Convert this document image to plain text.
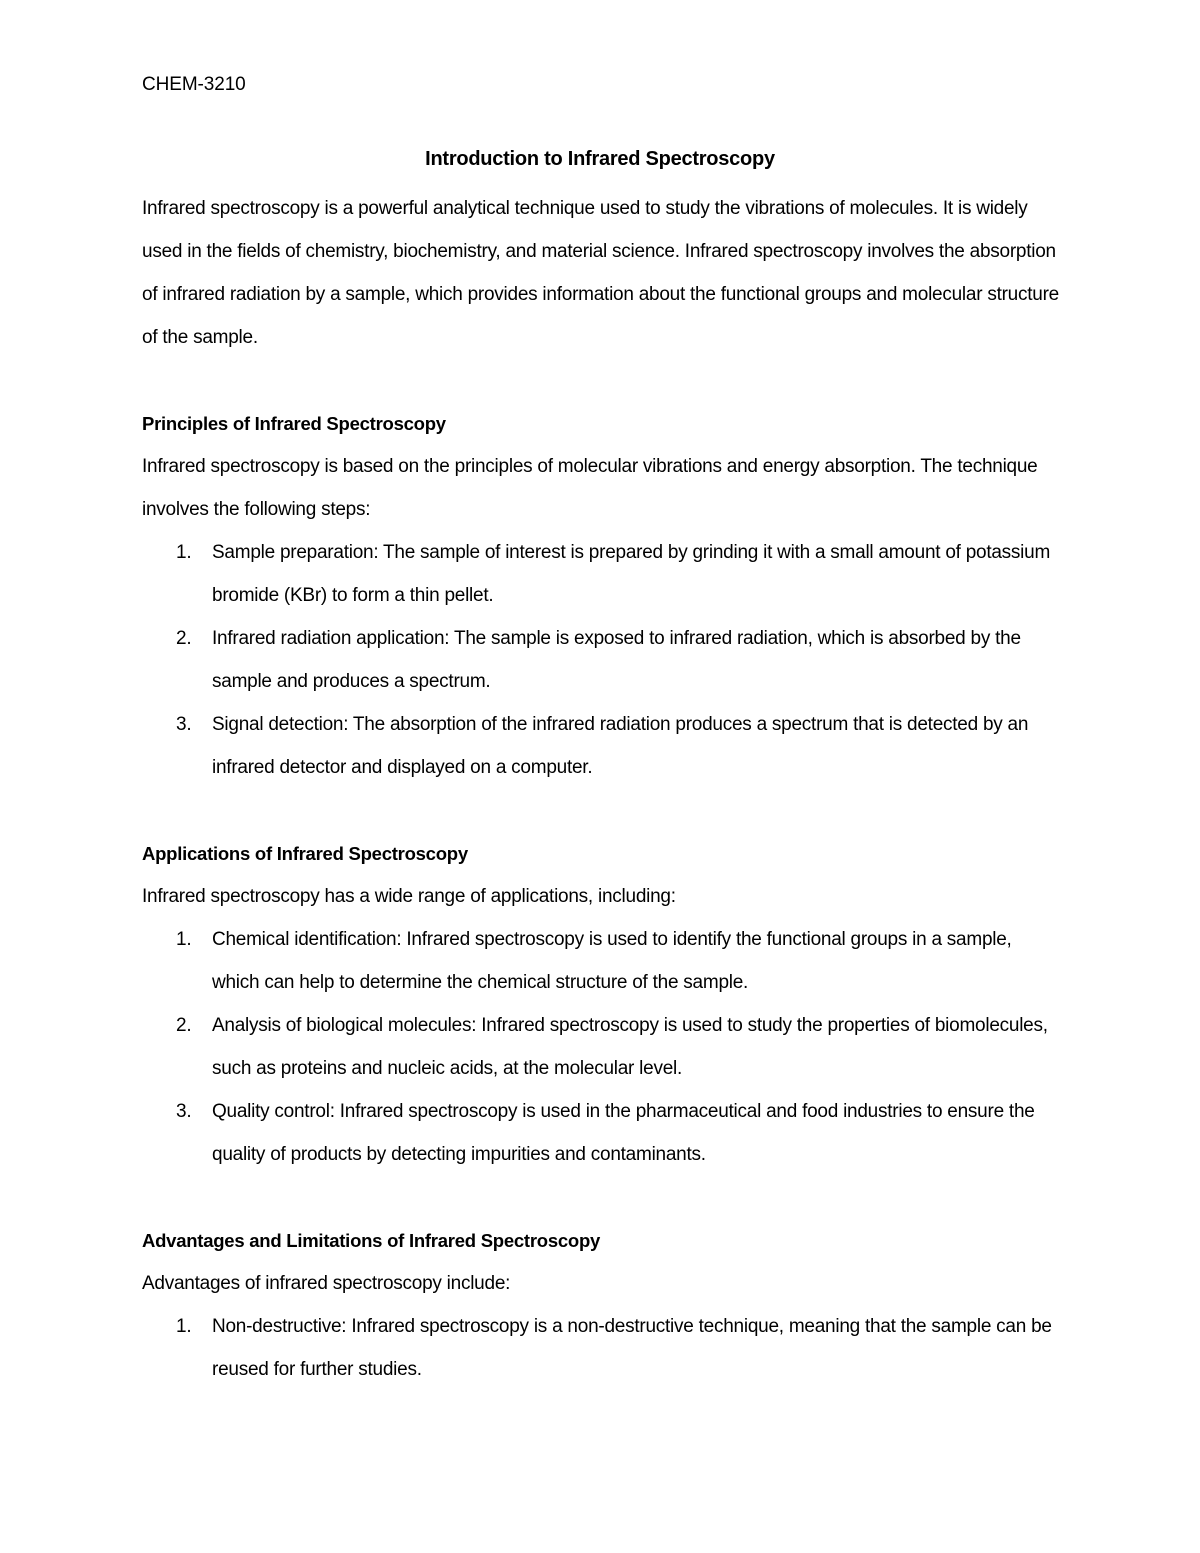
CHEM-3210
Introduction to Infrared Spectroscopy

Infrared spectroscopy is a powerful analytical technique used to study the vibrations of molecules. It is widely used in the fields of chemistry, biochemistry, and material science. Infrared spectroscopy involves the absorption of infrared radiation by a sample, which provides information about the functional groups and molecular structure of the sample.

Principles of Infrared Spectroscopy

Infrared spectroscopy is based on the principles of molecular vibrations and energy absorption. The technique involves the following steps:

1. Sample preparation: The sample of interest is prepared by grinding it with a small amount of potassium bromide (KBr) to form a thin pellet.
2. Infrared radiation application: The sample is exposed to infrared radiation, which is absorbed by the sample and produces a spectrum.
3. Signal detection: The absorption of the infrared radiation produces a spectrum that is detected by an infrared detector and displayed on a computer.
Applications of Infrared Spectroscopy

Infrared spectroscopy has a wide range of applications, including:

1. Chemical identification: Infrared spectroscopy is used to identify the functional groups in a sample, which can help to determine the chemical structure of the sample.
2. Analysis of biological molecules: Infrared spectroscopy is used to study the properties of biomolecules, such as proteins and nucleic acids, at the molecular level.
3. Quality control: Infrared spectroscopy is used in the pharmaceutical and food industries to ensure the quality of products by detecting impurities and contaminants.
Advantages and Limitations of Infrared Spectroscopy

Advantages of infrared spectroscopy include:

1. Non-destructive: Infrared spectroscopy is a non-destructive technique, meaning that the sample can be reused for further studies.
